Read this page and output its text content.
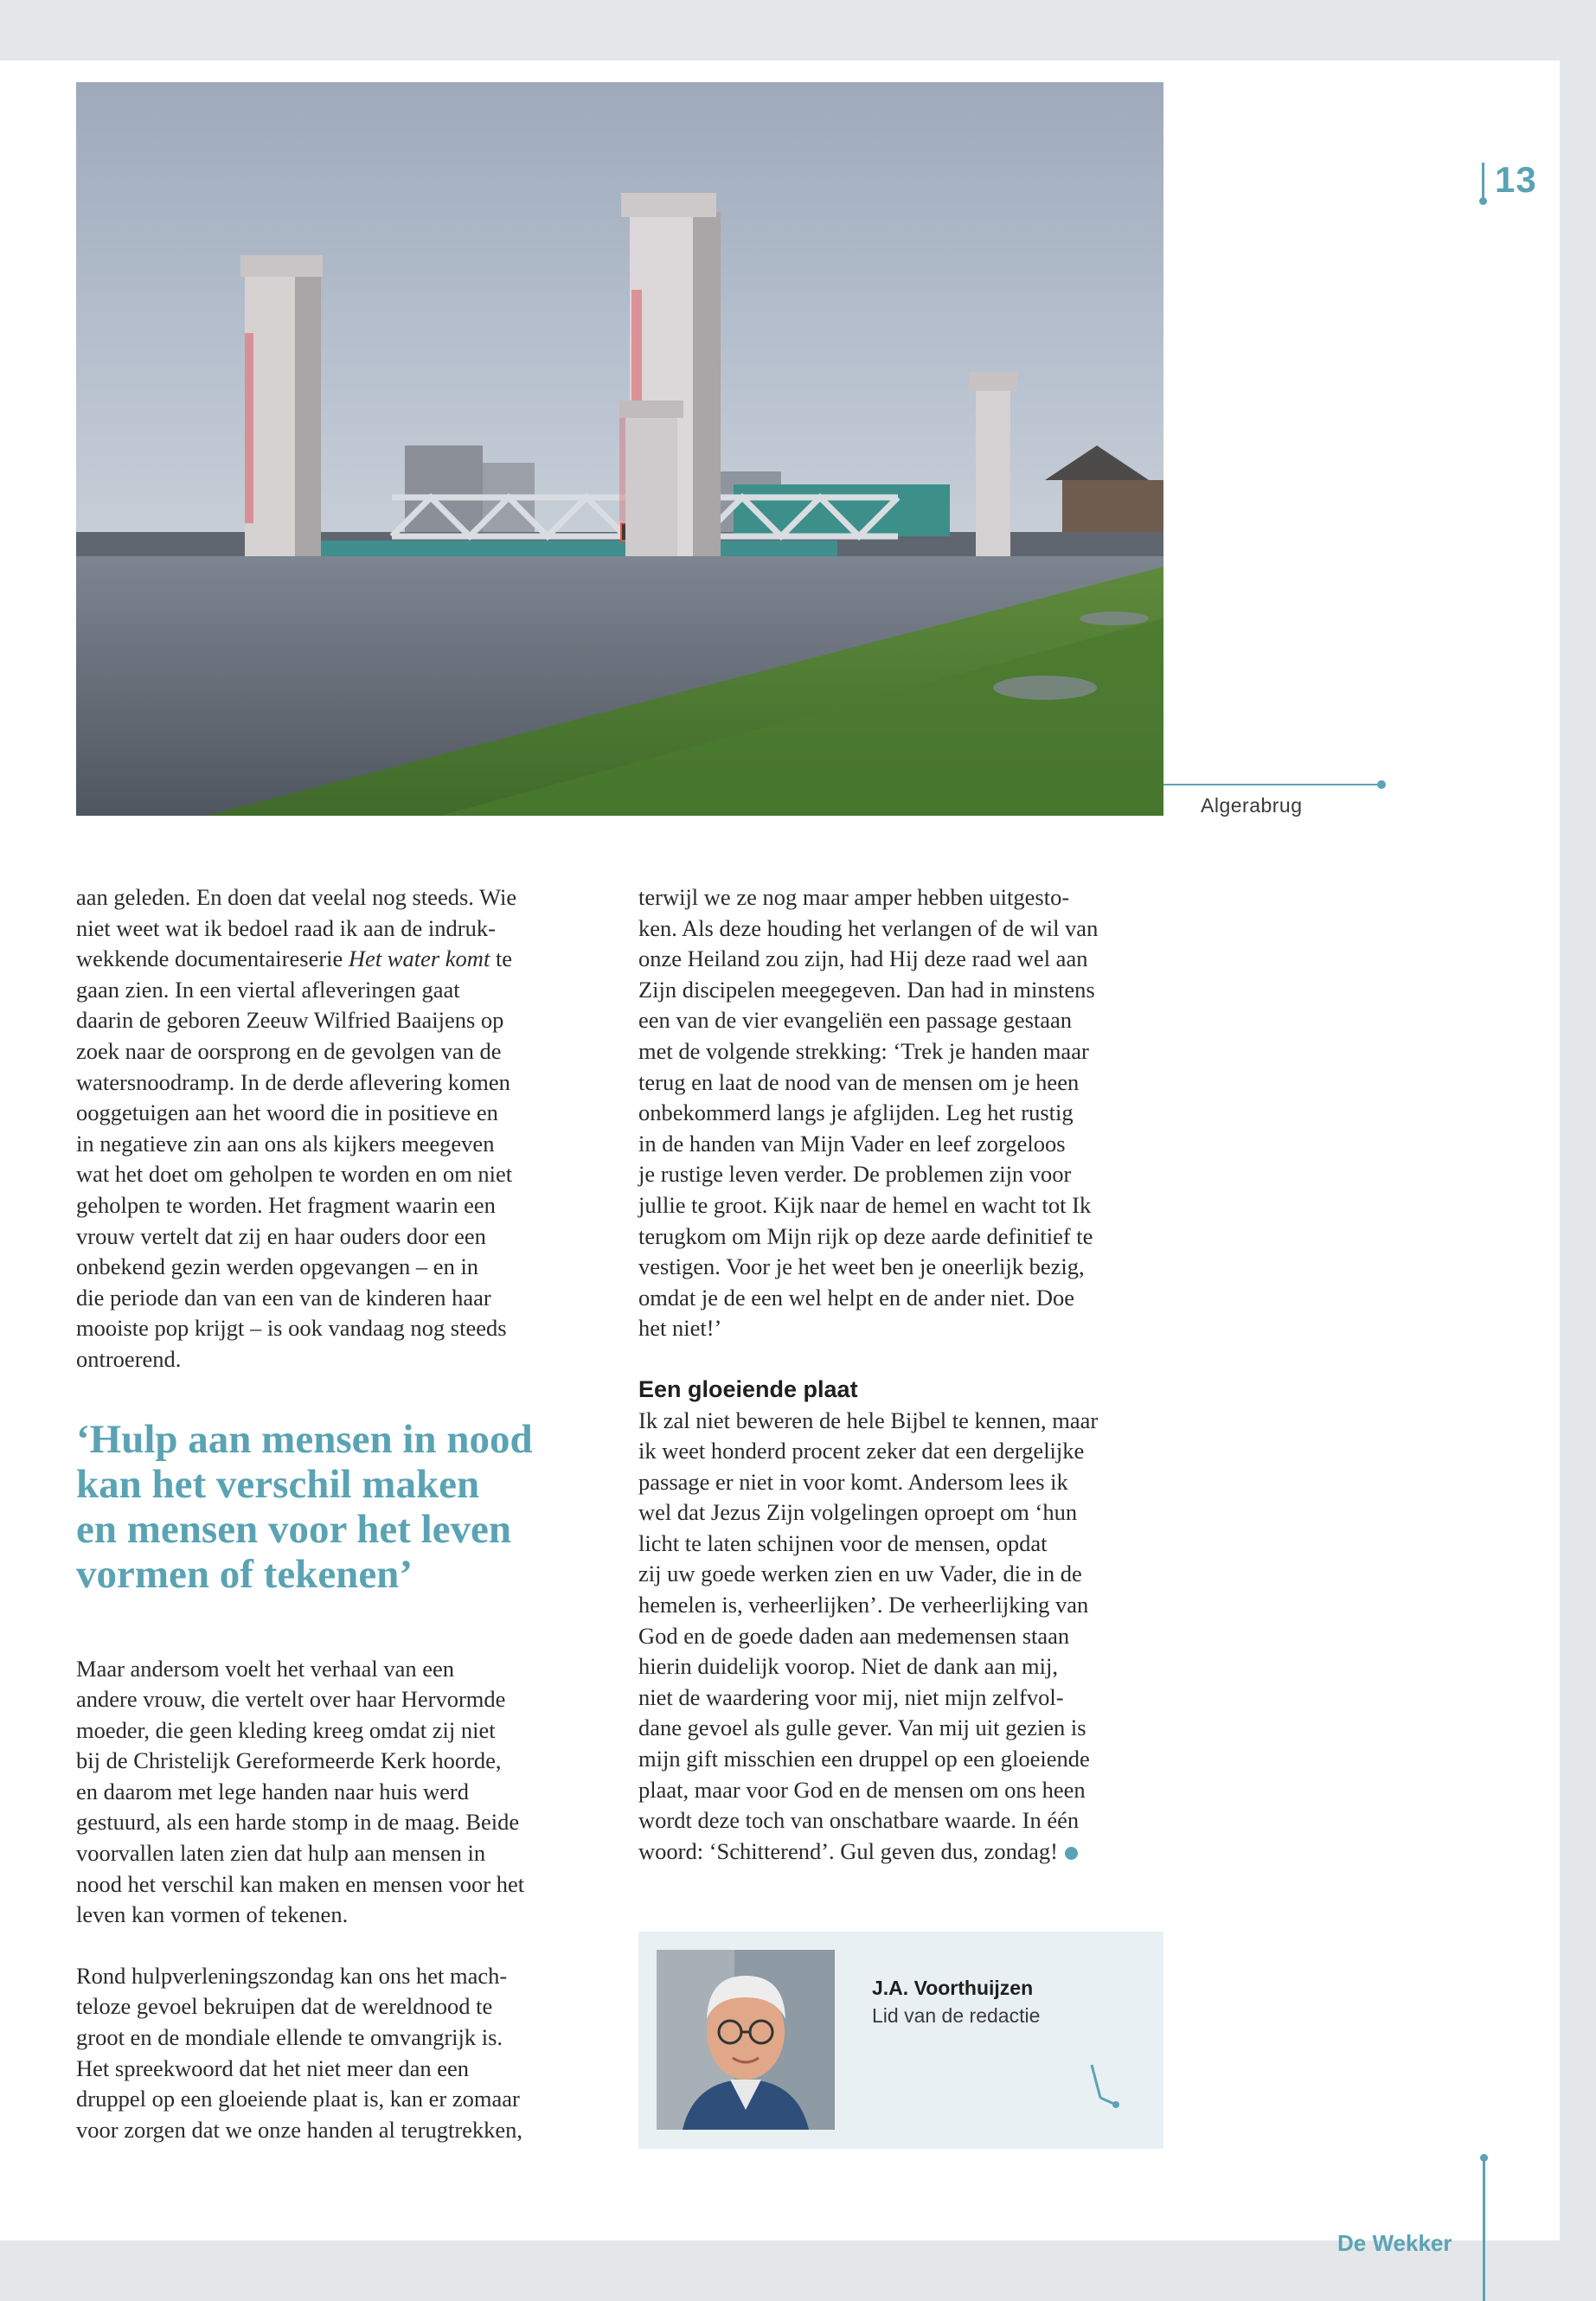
13
Algerabrug

aan geleden. En doen dat veelal nog steeds. Wie
niet weet wat ik bedoel raad ik aan de indruk-
wekkende documentaireserie Het water komt te
gaan zien. In een viertal afleveringen gaat
daarin de geboren Zeeuw Wilfried Baaijens op
zoek naar de oorsprong en de gevolgen van de
watersnoodramp. In de derde aflevering komen
ooggetuigen aan het woord die in positieve en
in negatieve zin aan ons als kijkers meegeven
wat het doet om geholpen te worden en om niet
geholpen te worden. Het fragment waarin een
vrouw vertelt dat zij en haar ouders door een
onbekend gezin werden opgevangen – en in
die periode dan van een van de kinderen haar
mooiste pop krijgt – is ook vandaag nog steeds
ontroerend.

‘Hulp aan mensen in nood
kan het verschil maken
en mensen voor het leven
vormen of tekenen’

Maar andersom voelt het verhaal van een
andere vrouw, die vertelt over haar Hervormde
moeder, die geen kleding kreeg omdat zij niet
bij de Christelijk Gereformeerde Kerk hoorde,
en daarom met lege handen naar huis werd
gestuurd, als een harde stomp in de maag. Beide
voorvallen laten zien dat hulp aan mensen in
nood het verschil kan maken en mensen voor het
leven kan vormen of tekenen.

Rond hulpverleningszondag kan ons het mach-
teloze gevoel bekruipen dat de wereldnood te
groot en de mondiale ellende te omvangrijk is.
Het spreekwoord dat het niet meer dan een
druppel op een gloeiende plaat is, kan er zomaar
voor zorgen dat we onze handen al terugtrekken,

terwijl we ze nog maar amper hebben uitgesto-
ken. Als deze houding het verlangen of de wil van
onze Heiland zou zijn, had Hij deze raad wel aan
Zijn discipelen meegegeven. Dan had in minstens
een van de vier evangeliën een passage gestaan
met de volgende strekking: ‘Trek je handen maar
terug en laat de nood van de mensen om je heen
onbekommerd langs je afglijden. Leg het rustig
in de handen van Mijn Vader en leef zorgeloos
je rustige leven verder. De problemen zijn voor
jullie te groot. Kijk naar de hemel en wacht tot Ik
terugkom om Mijn rijk op deze aarde definitief te
vestigen. Voor je het weet ben je oneerlijk bezig,
omdat je de een wel helpt en de ander niet. Doe
het niet!’

Een gloeiende plaat

Ik zal niet beweren de hele Bijbel te kennen, maar
ik weet honderd procent zeker dat een dergelijke
passage er niet in voor komt. Andersom lees ik
wel dat Jezus Zijn volgelingen oproept om ‘hun
licht te laten schijnen voor de mensen, opdat
zij uw goede werken zien en uw Vader, die in de
hemelen is, verheerlijken’. De verheerlijking van
God en de goede daden aan medemensen staan
hierin duidelijk voorop. Niet de dank aan mij,
niet de waardering voor mij, niet mijn zelfvol-
dane gevoel als gulle gever. Van mij uit gezien is
mijn gift misschien een druppel op een gloeiende
plaat, maar voor God en de mensen om ons heen
wordt deze toch van onschatbare waarde. In één
woord: ‘Schitterend’. Gul geven dus, zondag!

J.A. Voorthuijzen
Lid van de redactie
De Wekker
